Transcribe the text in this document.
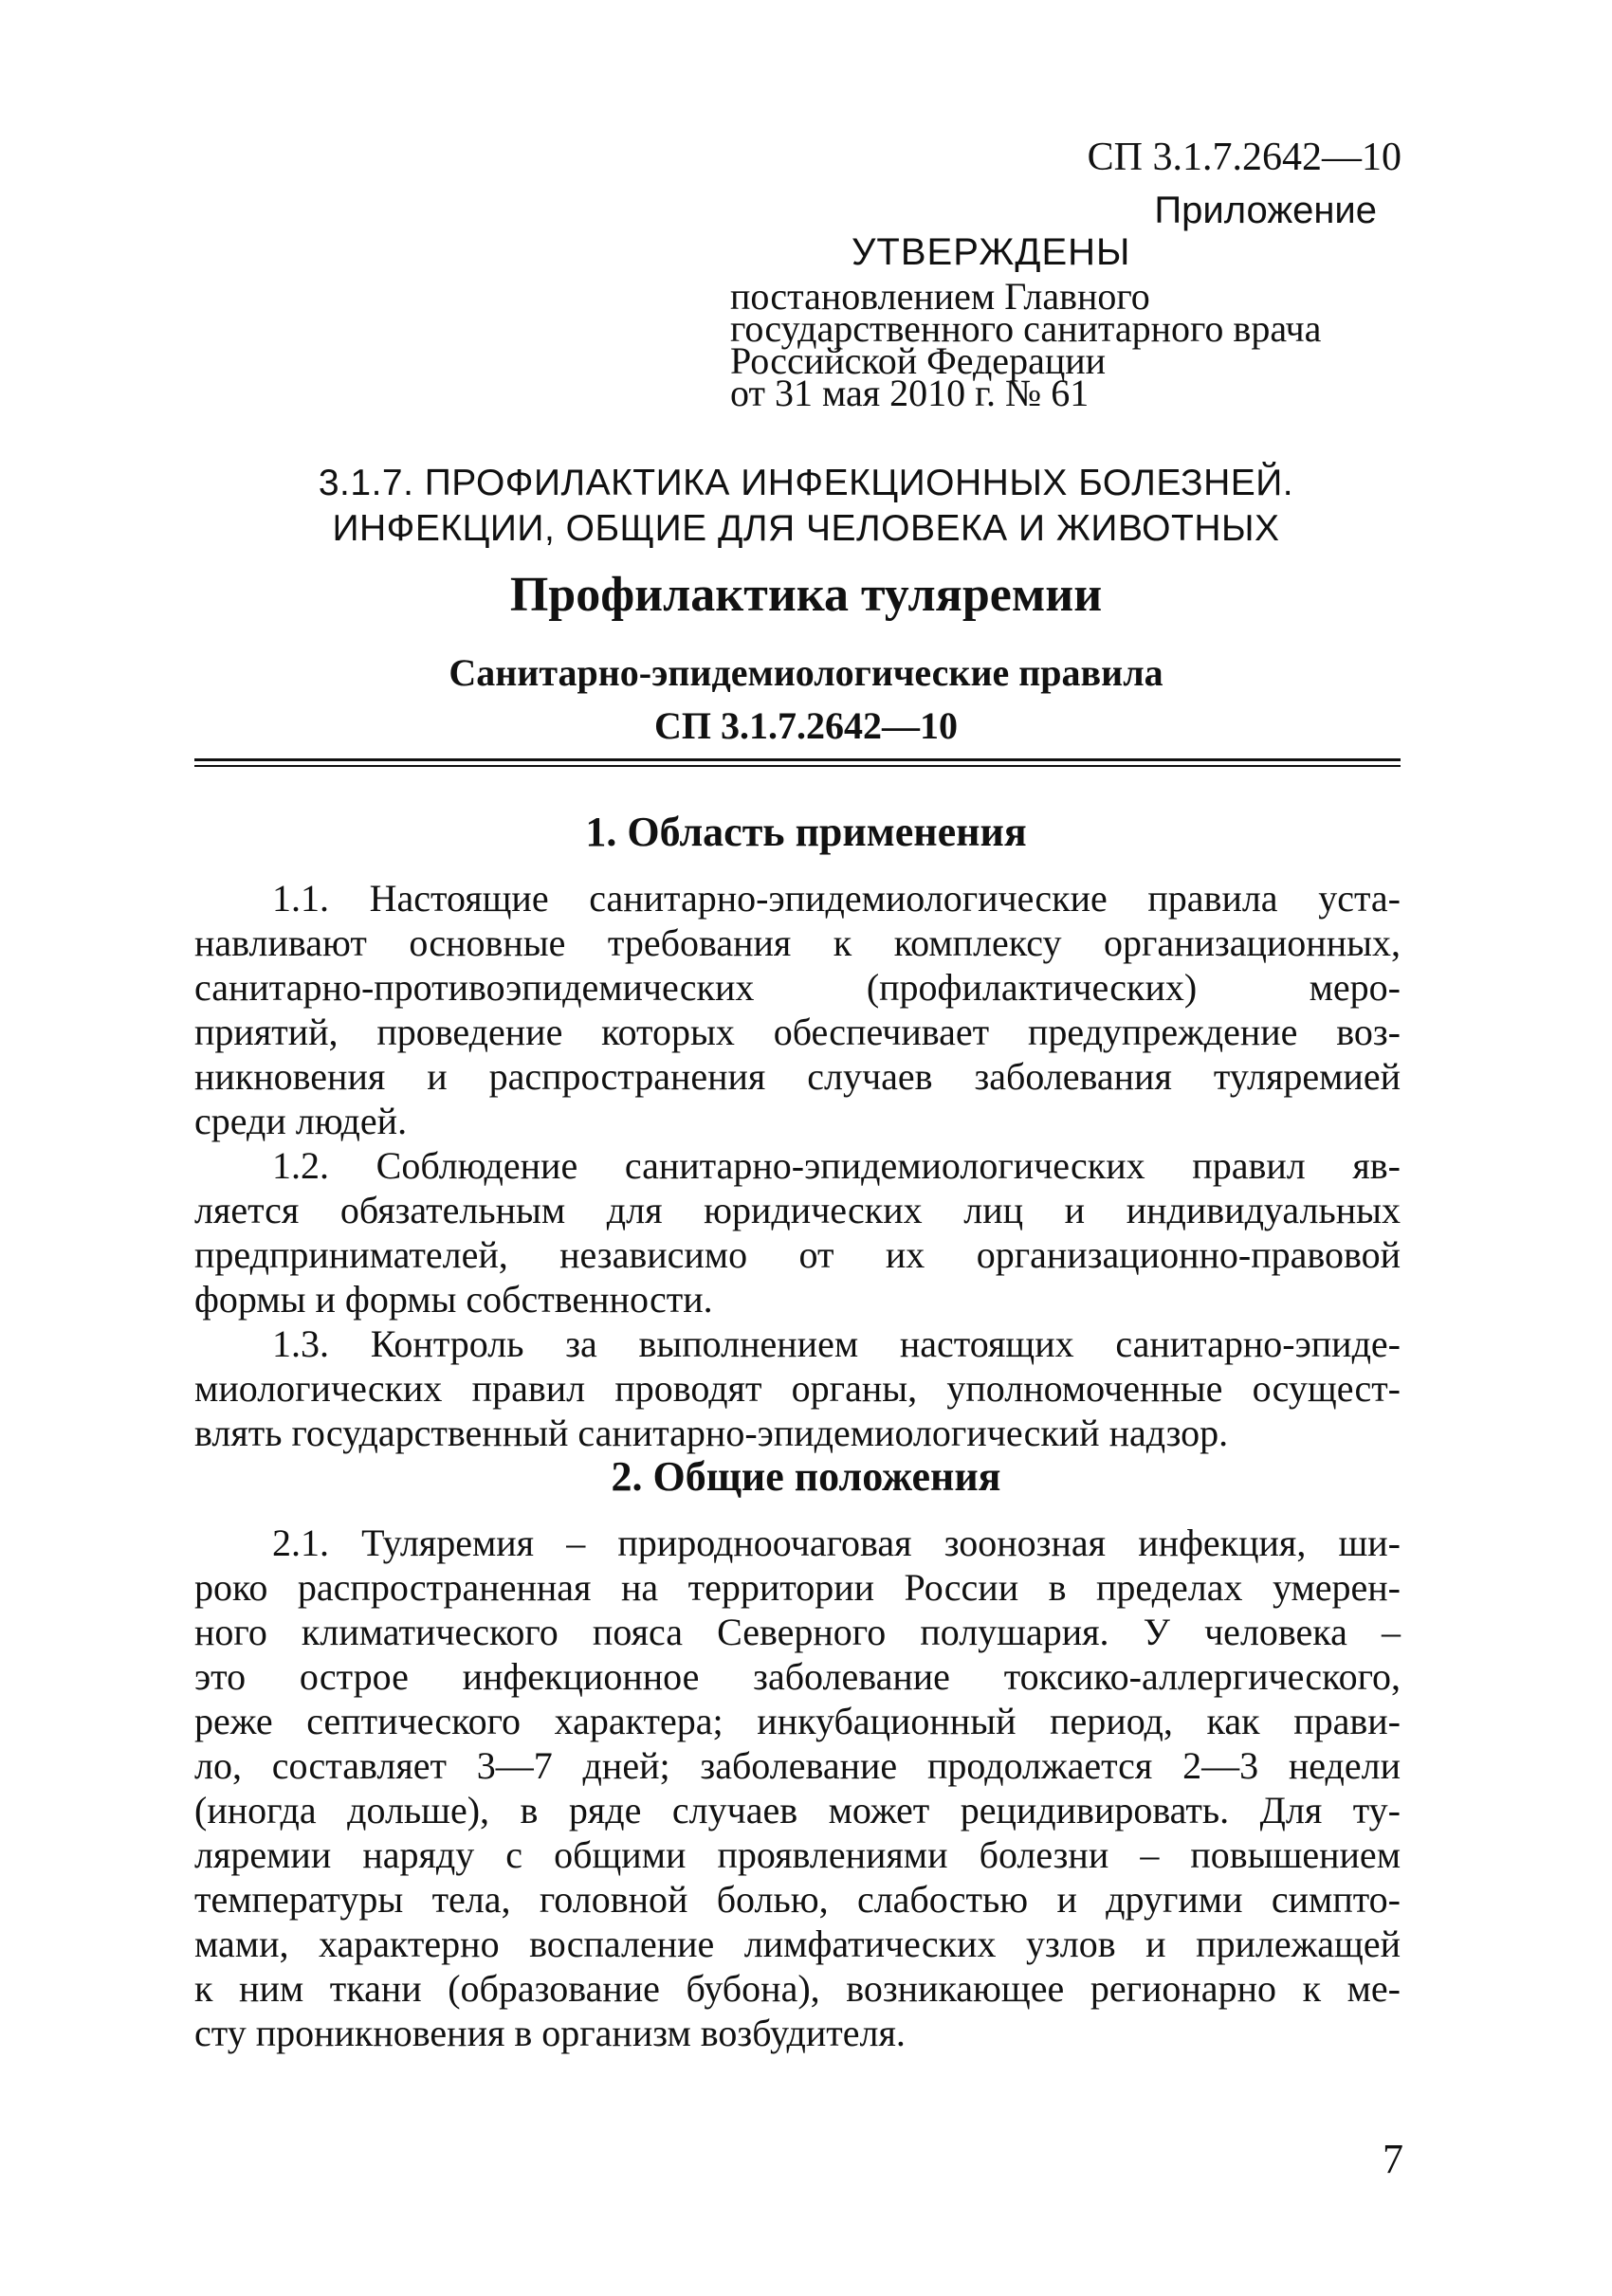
СП 3.1.7.2642—10
Приложение
УТВЕРЖДЕНЫ
постановлением Главного
государственного санитарного врача
Российской Федерации
от 31 мая 2010 г. № 61
3.1.7. ПРОФИЛАКТИКА ИНФЕКЦИОННЫХ БОЛЕЗНЕЙ.
ИНФЕКЦИИ, ОБЩИЕ ДЛЯ ЧЕЛОВЕКА И ЖИВОТНЫХ
Профилактика туляремии
Санитарно-эпидемиологические правила
СП 3.1.7.2642—10
1. Область применения
1.1. Настоящие санитарно-эпидемиологические правила уста-
навливают основные требования к комплексу организационных,
санитарно-противоэпидемических (профилактических) меро-
приятий, проведение которых обеспечивает предупреждение воз-
никновения и распространения случаев заболевания туляремией
среди людей.
1.2. Соблюдение санитарно-эпидемиологических правил яв-
ляется обязательным для юридических лиц и индивидуальных
предпринимателей, независимо от их организационно-правовой
формы и формы собственности.
1.3. Контроль за выполнением настоящих санитарно-эпиде-
миологических правил проводят органы, уполномоченные осущест-
влять государственный санитарно-эпидемиологический надзор.
2. Общие положения
2.1. Туляремия – природноочаговая зоонозная инфекция, ши-
роко распространенная на территории России в пределах умерен-
ного климатического пояса Северного полушария. У человека –
это острое инфекционное заболевание токсико-аллергического,
реже септического характера; инкубационный период, как прави-
ло, составляет 3—7 дней; заболевание продолжается 2—3 недели
(иногда дольше), в ряде случаев может рецидивировать. Для ту-
ляремии наряду с общими проявлениями болезни – повышением
температуры тела, головной болью, слабостью и другими симпто-
мами, характерно воспаление лимфатических узлов и прилежащей
к ним ткани (образование бубона), возникающее регионарно к ме-
сту проникновения в организм возбудителя.
7
